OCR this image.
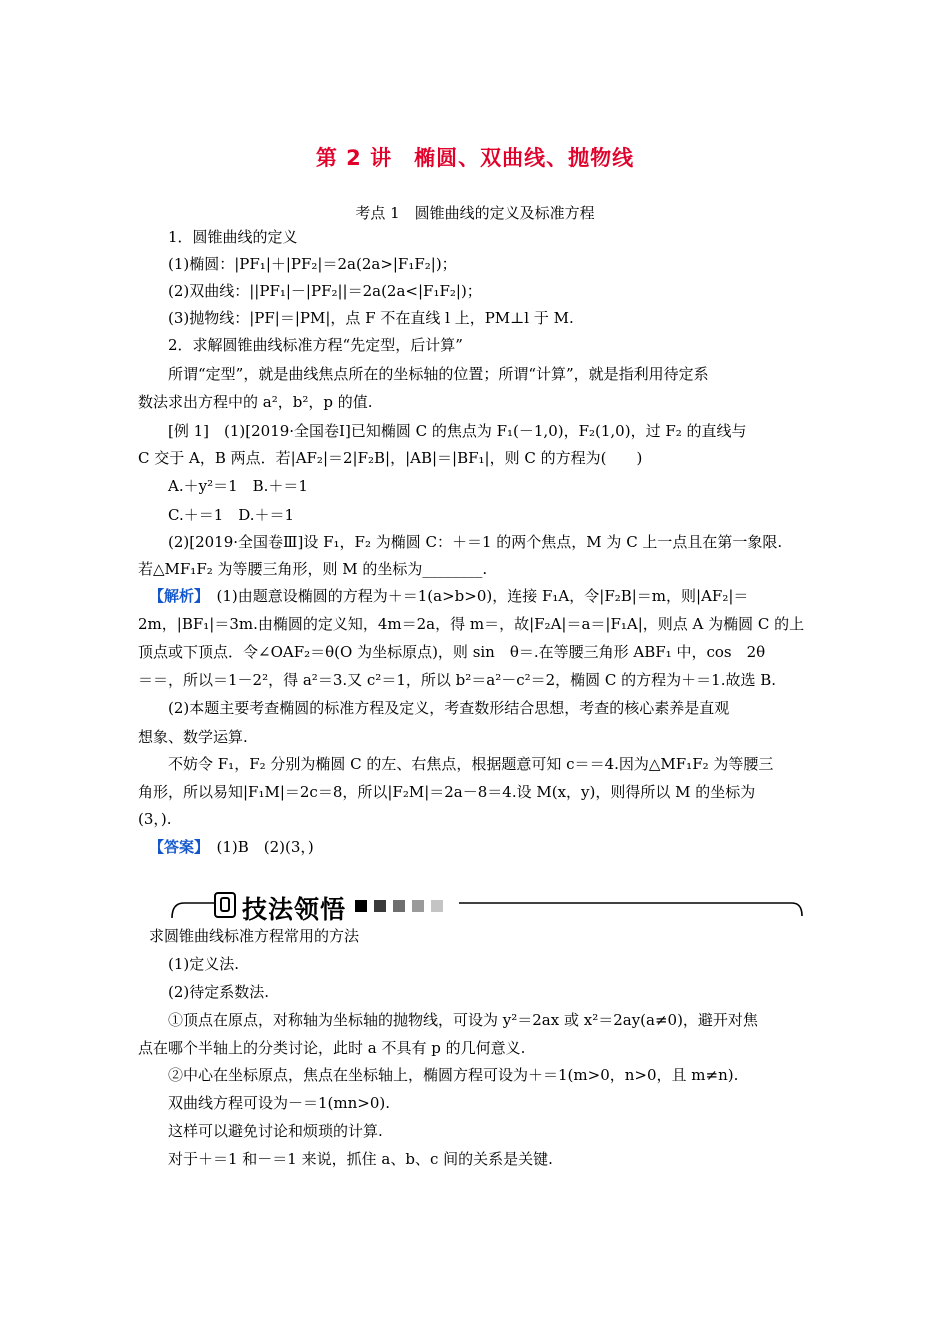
第 2 讲　椭圆、双曲线、抛物线
考点 1　圆锥曲线的定义及标准方程
1．圆锥曲线的定义
(1)椭圆：|PF₁|＋|PF₂|＝2a(2a>|F₁F₂|)；
(2)双曲线：||PF₁|－|PF₂||＝2a(2a<|F₁F₂|)；
(3)抛物线：|PF|＝|PM|，点 F 不在直线 l 上，PM⊥l 于 M.
2．求解圆锥曲线标准方程“先定型，后计算”
所谓“定型”，就是曲线焦点所在的坐标轴的位置；所谓“计算”，就是指利用待定系
数法求出方程中的 a²，b²，p 的值.
[例 1]　(1)[2019·全国卷Ⅰ]已知椭圆 C 的焦点为 F₁(－1,0)，F₂(1,0)，过 F₂ 的直线与
C 交于 A，B 两点．若|AF₂|＝2|F₂B|，|AB|＝|BF₁|，则 C 的方程为(　　)
A.＋y²＝1　B.＋＝1
C.＋＝1　D.＋＝1
(2)[2019·全国卷Ⅲ]设 F₁，F₂ 为椭圆 C：＋＝1 的两个焦点，M 为 C 上一点且在第一象限.
若△MF₁F₂ 为等腰三角形，则 M 的坐标为________.
【解析】　(1)由题意设椭圆的方程为＋＝1(a>b>0)，连接 F₁A，令|F₂B|＝m，则|AF₂|＝
2m，|BF₁|＝3m.由椭圆的定义知，4m＝2a，得 m＝，故|F₂A|＝a＝|F₁A|，则点 A 为椭圆 C 的上
顶点或下顶点．令∠OAF₂＝θ(O 为坐标原点)，则 sin　θ＝.在等腰三角形 ABF₁ 中，cos　2θ
＝＝，所以＝1－2²，得 a²＝3.又 c²＝1，所以 b²＝a²－c²＝2，椭圆 C 的方程为＋＝1.故选 B.
(2)本题主要考查椭圆的标准方程及定义，考查数形结合思想，考查的核心素养是直观
想象、数学运算.
不妨令 F₁，F₂ 分别为椭圆 C 的左、右焦点，根据题意可知 c＝＝4.因为△MF₁F₂ 为等腰三
角形，所以易知|F₁M|＝2c＝8，所以|F₂M|＝2a－8＝4.设 M(x，y)，则得所以 M 的坐标为
(3，).
【答案】　(1)B　(2)(3，)
技法领悟
求圆锥曲线标准方程常用的方法
(1)定义法.
(2)待定系数法.
①顶点在原点，对称轴为坐标轴的抛物线，可设为 y²＝2ax 或 x²＝2ay(a≠0)，避开对焦
点在哪个半轴上的分类讨论，此时 a 不具有 p 的几何意义.
②中心在坐标原点，焦点在坐标轴上，椭圆方程可设为＋＝1(m>0，n>0，且 m≠n).
双曲线方程可设为－＝1(mn>0).
这样可以避免讨论和烦琐的计算.
对于＋＝1 和－＝1 来说，抓住 a、b、c 间的关系是关键.
